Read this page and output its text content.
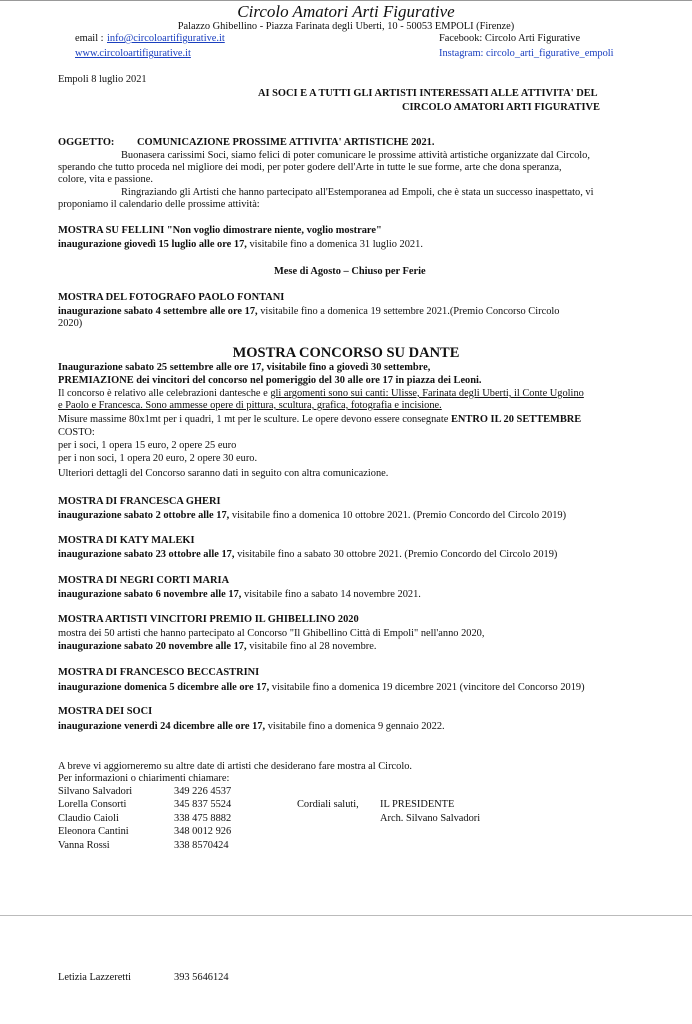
Circolo Amatori Arti Figurative
Palazzo Ghibellino - Piazza Farinata degli Uberti, 10 - 50053 EMPOLI (Firenze)
email : info@circoloartifigurative.it	Facebook: Circolo Arti Figurative
www.circoloartifigurative.it	Instagram: circolo_arti_figurative_empoli
Empoli 8 luglio 2021
AI SOCI E A TUTTI GLI ARTISTI INTERESSATI ALLE ATTIVITA' DEL
CIRCOLO AMATORI ARTI FIGURATIVE
OGGETTO: COMUNICAZIONE PROSSIME ATTIVITA' ARTISTICHE 2021.
Buonasera carissimi Soci, siamo felici di poter comunicare le prossime attività artistiche organizzate dal Circolo,
sperando che tutto proceda nel migliore dei modi, per poter godere dell'Arte in tutte le sue forme, arte che dona speranza,
colore, vita e passione.
Ringraziando gli Artisti che hanno partecipato all'Estemporanea ad Empoli, che è stata un successo inaspettato, vi
proponiamo il calendario delle prossime attività:
MOSTRA SU FELLINI "Non voglio dimostrare niente, voglio mostrare"
inaugurazione giovedì 15 luglio alle ore 17, visitabile fino a domenica 31 luglio 2021.
Mese di Agosto – Chiuso per Ferie
MOSTRA DEL FOTOGRAFO PAOLO FONTANI
inaugurazione sabato 4 settembre alle ore 17, visitabile fino a domenica 19 settembre 2021.(Premio Concorso Circolo
2020)
MOSTRA CONCORSO SU DANTE
Inaugurazione sabato 25 settembre alle ore 17, visitabile fino a giovedì 30 settembre,
PREMIAZIONE dei vincitori del concorso nel pomeriggio del 30 alle ore 17 in piazza dei Leoni.
Il concorso è relativo alle celebrazioni dantesche e gli argomenti sono sui canti: Ulisse, Farinata degli Uberti, il Conte Ugolino
e Paolo e Francesca. Sono ammesse opere di pittura, scultura, grafica, fotografia e incisione.
Misure massime 80x1mt per i quadri, 1 mt per le sculture. Le opere devono essere consegnate ENTRO IL 20 SETTEMBRE
COSTO:
per i soci, 1 opera 15 euro, 2 opere 25 euro
per i non soci, 1 opera 20 euro, 2 opere 30 euro.
Ulteriori dettagli del Concorso saranno dati in seguito con altra comunicazione.
MOSTRA DI FRANCESCA GHERI
inaugurazione sabato 2 ottobre alle 17, visitabile fino a domenica 10 ottobre 2021. (Premio Concordo del Circolo 2019)
MOSTRA DI KATY MALEKI
inaugurazione sabato 23 ottobre alle 17, visitabile fino a sabato 30 ottobre 2021. (Premio Concordo del Circolo 2019)
MOSTRA DI NEGRI CORTI MARIA
inaugurazione sabato 6 novembre alle 17, visitabile fino a sabato 14 novembre 2021.
MOSTRA ARTISTI VINCITORI PREMIO IL GHIBELLINO 2020
mostra dei 50 artisti che hanno partecipato al Concorso "Il Ghibellino Città di Empoli" nell'anno 2020,
inaugurazione sabato 20 novembre alle 17, visitabile fino al 28 novembre.
MOSTRA DI FRANCESCO BECCASTRINI
inaugurazione domenica 5 dicembre alle ore 17, visitabile fino a domenica 19 dicembre 2021 (vincitore del Concorso 2019)
MOSTRA DEI SOCI
inaugurazione venerdì 24 dicembre alle ore 17, visitabile fino a domenica 9 gennaio 2022.
A breve vi aggiorneremo su altre date di artisti che desiderano fare mostra al Circolo.
Per informazioni o chiarimenti chiamare:
Silvano Salvadori	349 226 4537
Lorella Consorti	345 837 5524
Claudio Caioli	338 475 8882
Eleonora Cantini	348 0012 926
Vanna Rossi	338 8570424
Cordiali saluti, IL PRESIDENTE
Arch. Silvano Salvadori
Letizia Lazzeretti	393 5646124
